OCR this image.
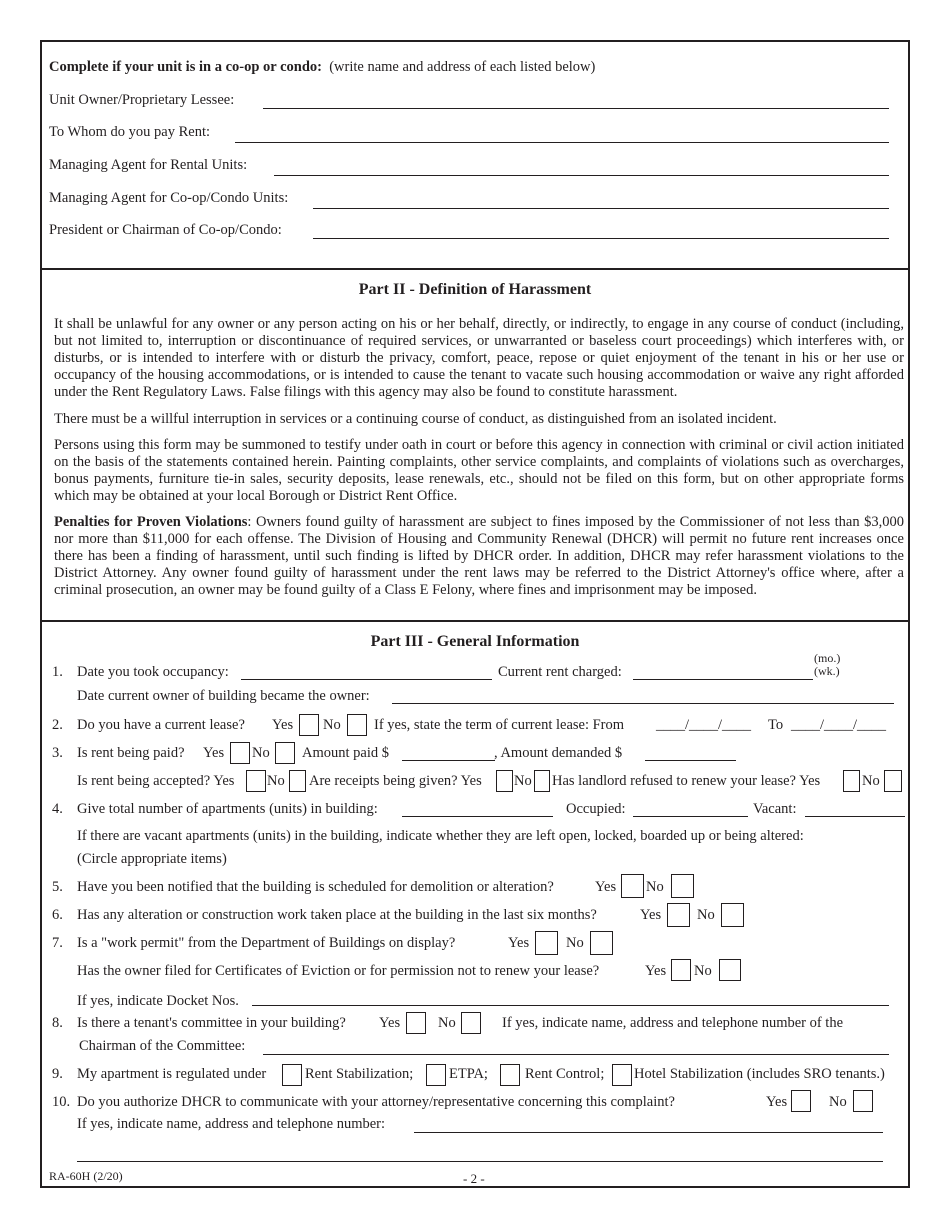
Complete if your unit is in a co-op or condo: (write name and address of each listed below)
Unit Owner/Proprietary Lessee:
To Whom do you pay Rent:
Managing Agent for Rental Units:
Managing Agent for Co-op/Condo Units:
President or Chairman of Co-op/Condo:
Part II - Definition of Harassment
It shall be unlawful for any owner or any person acting on his or her behalf, directly, or indirectly, to engage in any course of conduct (including, but not limited to, interruption or discontinuance of required services, or unwarranted or baseless court proceedings) which interferes with, or disturbs, or is intended to interfere with or disturb the privacy, comfort, peace, repose or quiet enjoyment of the tenant in his or her use or occupancy of the housing accommodations, or is intended to cause the tenant to vacate such housing accommodation or waive any right afforded under the Rent Regulatory Laws. False filings with this agency may also be found to constitute harassment.
There must be a willful interruption in services or a continuing course of conduct, as distinguished from an isolated incident.
Persons using this form may be summoned to testify under oath in court or before this agency in connection with criminal or civil action initiated on the basis of the statements contained herein. Painting complaints, other service complaints, and complaints of violations such as overcharges, bonus payments, furniture tie-in sales, security deposits, lease renewals, etc., should not be filed on this form, but on other appropriate forms which may be obtained at your local Borough or District Rent Office.
Penalties for Proven Violations: Owners found guilty of harassment are subject to fines imposed by the Commissioner of not less than $3,000 nor more than $11,000 for each offense. The Division of Housing and Community Renewal (DHCR) will permit no future rent increases once there has been a finding of harassment, until such finding is lifted by DHCR order. In addition, DHCR may refer harassment violations to the District Attorney. Any owner found guilty of harassment under the rent laws may be referred to the District Attorney's office where, after a criminal prosecution, an owner may be found guilty of a Class E Felony, where fines and imprisonment may be imposed.
Part III - General Information
1. Date you took occupancy:	Current rent charged:
(mo.)
(wk.)
Date current owner of building became the owner:
2. Do you have a current lease? Yes No If yes, state the term of current lease: From ____/____/____ To ____/____/____
3. Is rent being paid? Yes No Amount paid $	, Amount demanded $
Is rent being accepted? Yes No Are receipts being given? Yes No Has landlord refused to renew your lease? Yes	No
4. Give total number of apartments (units) in building:	Occupied:	Vacant:
If there are vacant apartments (units) in the building, indicate whether they are left open, locked, boarded up or being altered:
(Circle appropriate items)
5. Have you been notified that the building is scheduled for demolition or alteration?	Yes No
6. Has any alteration or construction work taken place at the building in the last six months?	Yes No
7. Is a "work permit" from the Department of Buildings on display?	Yes	No
Has the owner filed for Certificates of Eviction or for permission not to renew your lease?	Yes No
If yes, indicate Docket Nos.
8. Is there a tenant's committee in your building? Yes	No	If yes, indicate name, address and telephone number of the
Chairman of the Committee:
9. My apartment is regulated under	Rent Stabilization; ETPA;	Rent Control; Hotel Stabilization (includes SRO tenants.)
10. Do you authorize DHCR to communicate with your attorney/representative concerning this complaint?	Yes	No
If yes, indicate name, address and telephone number:
RA-60H (2/20)	- 2 -
